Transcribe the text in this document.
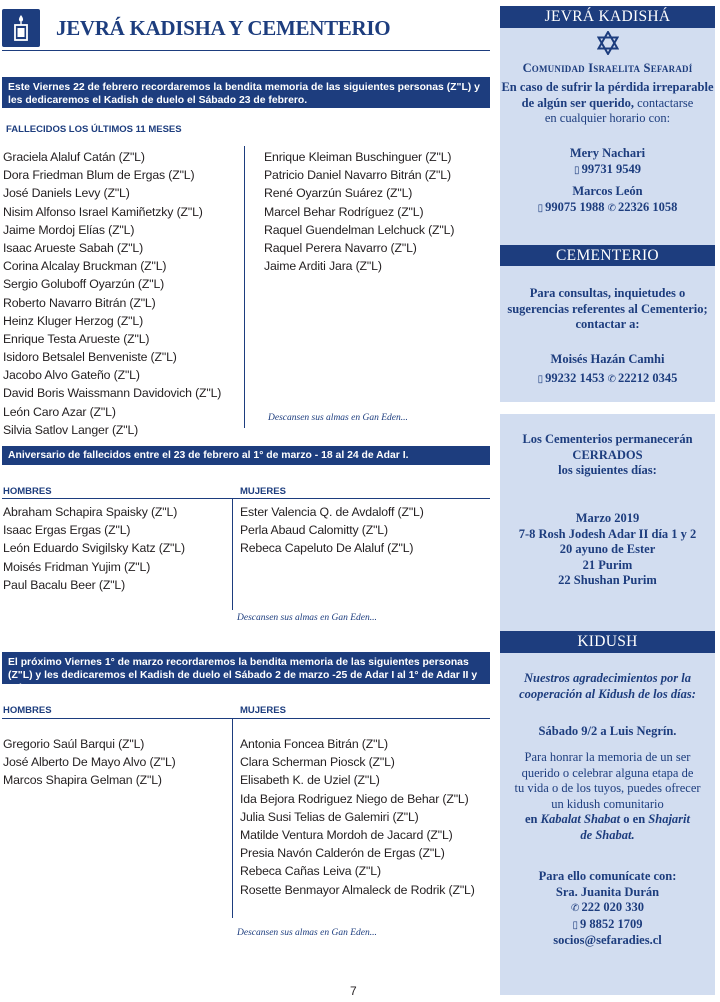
JEVRÁ KADISHA Y CEMENTERIO
Este Viernes 22 de febrero recordaremos la bendita memoria de las siguientes personas (Z"L) y les dedicaremos el Kadish de duelo el Sábado 23 de febrero.
FALLECIDOS LOS ÚLTIMOS 11 MESES
Graciela Alaluf Catán (Z"L)
Dora Friedman Blum de Ergas (Z"L)
José Daniels Levy (Z"L)
Nisim Alfonso Israel Kamiñetzky (Z"L)
Jaime Mordoj Elías (Z"L)
Isaac Arueste Sabah (Z"L)
Corina Alcalay Bruckman (Z"L)
Sergio Goluboff Oyarzún (Z"L)
Roberto Navarro Bitrán (Z"L)
Heinz Kluger Herzog (Z"L)
Enrique Testa Arueste (Z"L)
Isidoro Betsalel Benveniste (Z"L)
Jacobo Alvo Gateño (Z"L)
David Boris Waissmann Davidovich (Z"L)
León Caro Azar (Z"L)
Silvia Satlov Langer (Z"L)
Enrique Kleiman Buschinguer (Z"L)
Patricio Daniel Navarro Bitrán (Z"L)
René Oyarzún Suárez (Z"L)
Marcel Behar Rodríguez (Z"L)
Raquel Guendelman Lelchuck (Z"L)
Raquel Perera Navarro (Z"L)
Jaime Arditi Jara (Z"L)
Descansen sus almas en Gan Eden...
Aniversario de fallecidos entre el 23 de febrero al 1° de marzo - 18 al 24 de Adar I.
HOMBRES	MUJERES
Abraham Schapira Spaisky (Z"L)
Isaac Ergas Ergas (Z"L)
León Eduardo Svigilsky Katz (Z"L)
Moisés Fridman Yujim (Z"L)
Paul Bacalu Beer (Z"L)
Ester Valencia Q. de Avdaloff (Z"L)
Perla Abaud Calomitty (Z"L)
Rebeca Capeluto De Alaluf (Z"L)
Descansen sus almas en Gan Eden...
El próximo Viernes 1° de marzo recordaremos la bendita memoria de las siguientes personas (Z"L) y les dedicaremos el Kadish de duelo el Sábado 2 de marzo -25 de Adar I al 1° de Adar II y Adar.
HOMBRES	MUJERES
Gregorio Saúl Barqui (Z"L)
José Alberto De Mayo Alvo (Z"L)
Marcos Shapira Gelman (Z"L)
Antonia Foncea Bitrán (Z"L)
Clara Scherman Piosck (Z"L)
Elisabeth K. de Uziel (Z"L)
Ida Bejora Rodriguez Niego de Behar (Z"L)
Julia Susi Telias de Galemiri (Z"L)
Matilde Ventura Mordoh de Jacard (Z"L)
Presia Navón Calderón de Ergas (Z"L)
Rebeca Cañas Leiva (Z"L)
Rosette Benmayor Almaleck de Rodrik (Z"L)
Descansen sus almas en Gan Eden...
JEVRÁ KADISHÁ
Comunidad Israelita Sefaradí
En caso de sufrir la pérdida irreparable
de algún ser querido, contactarse
en cualquier horario con:
Mery Nachari
▯ 99731 9549
Marcos León
▯ 99075 1988 ✆ 22326 1058
CEMENTERIO
Para consultas, inquietudes o
sugerencias referentes al Cementerio;
contactar a:
Moisés Hazán Camhi
▯ 99232 1453 ✆ 22212 0345
Los Cementerios permanecerán
CERRADOS
los siguientes días:
Marzo 2019
7-8 Rosh Jodesh Adar II día 1 y 2
20 ayuno de Ester
21 Purim
22 Shushan Purim
KIDUSH
Nuestros agradecimientos por la
cooperación al Kidush de los días:
Sábado 9/2 a Luis Negrín.
Para honrar la memoria de un ser
querido o celebrar alguna etapa de
tu vida o de los tuyos, puedes ofrecer
un kidush comunitario
en Kabalat Shabat o en Shajarit
de Shabat.
Para ello comunícate con:
Sra. Juanita Durán
✆ 222 020 330
▯ 9 8852 1709
socios@sefaradies.cl
7
